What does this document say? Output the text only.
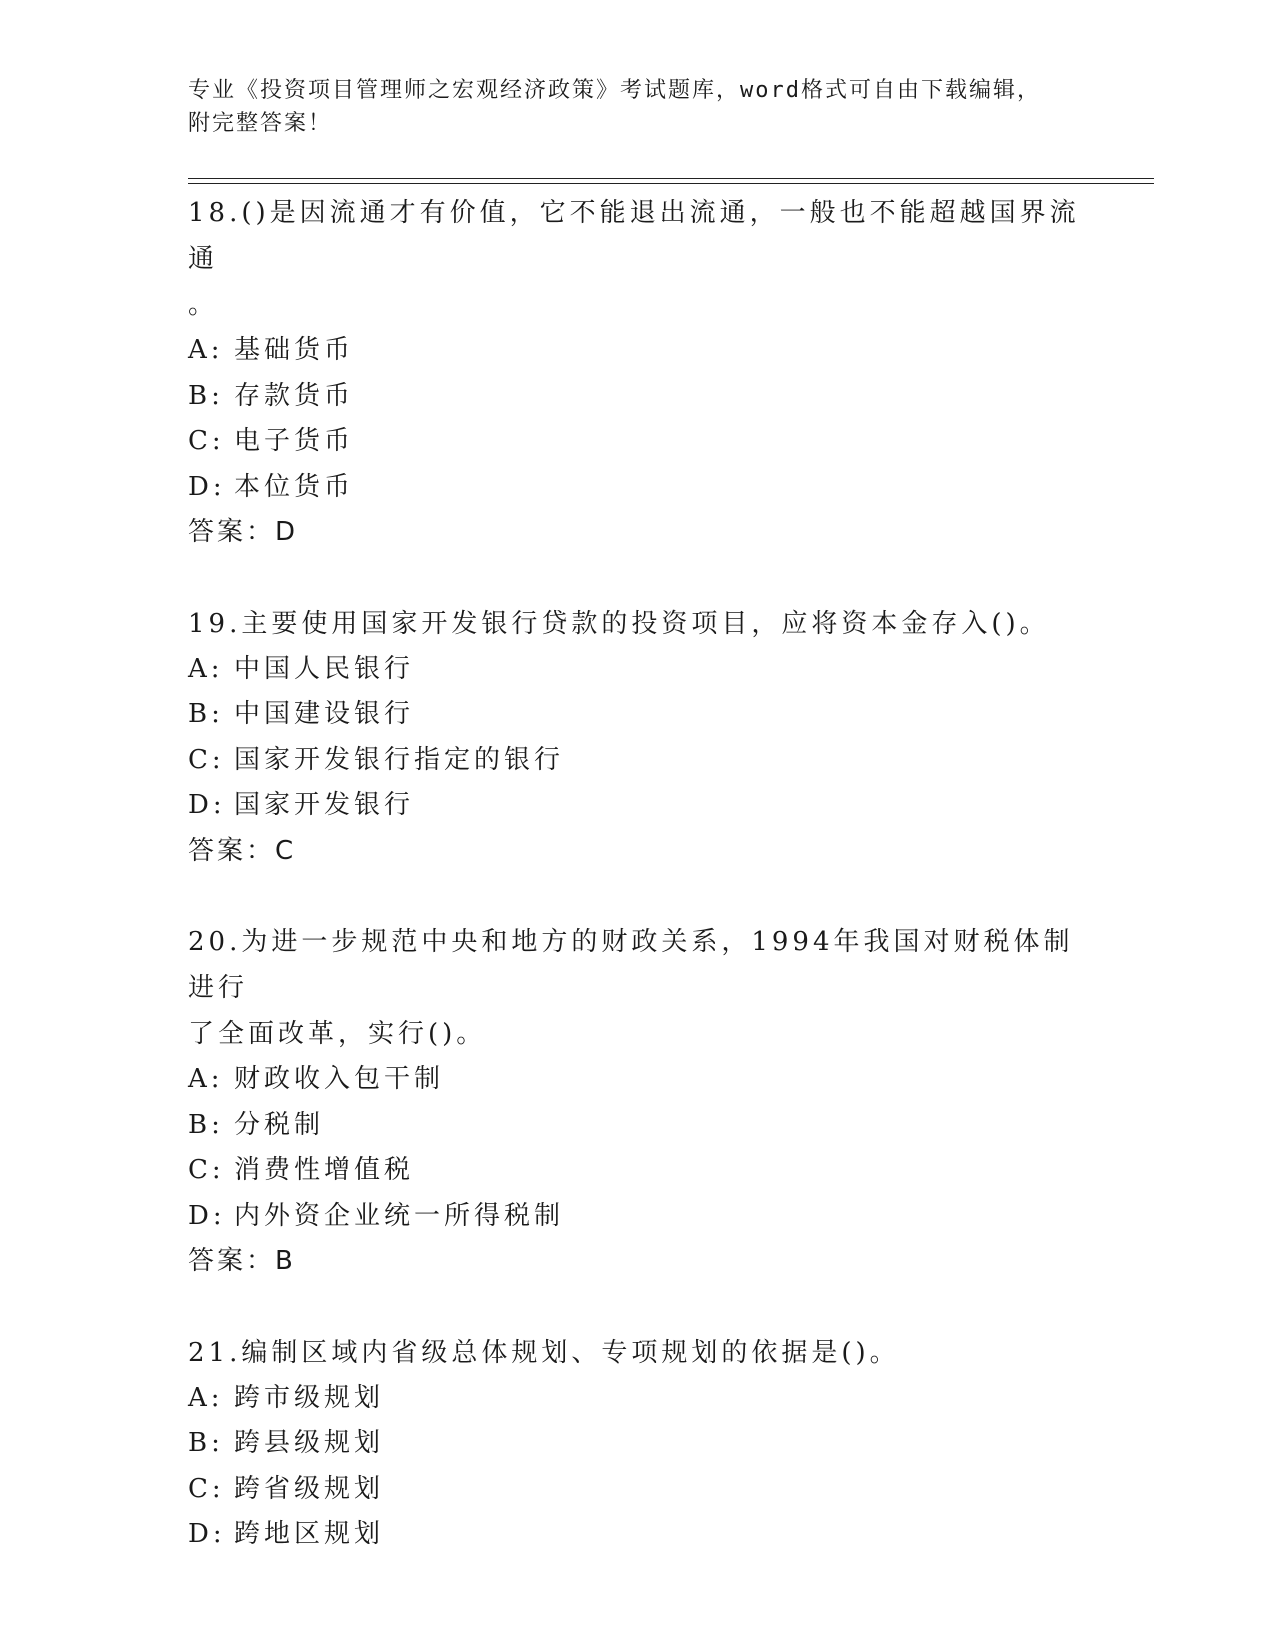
专业《投资项目管理师之宏观经济政策》考试题库，word格式可自由下载编辑，
附完整答案！

18.()是因流通才有价值，它不能退出流通，一般也不能超越国界流通

。

A: 基础货币

B: 存款货币

C: 电子货币

D: 本位货币

答案：D

19.主要使用国家开发银行贷款的投资项目，应将资本金存入()。

A: 中国人民银行

B: 中国建设银行

C: 国家开发银行指定的银行

D: 国家开发银行

答案：C

20.为进一步规范中央和地方的财政关系，1994年我国对财税体制进行

了全面改革，实行()。

A: 财政收入包干制

B: 分税制

C: 消费性增值税

D: 内外资企业统一所得税制

答案：B

21.编制区域内省级总体规划、专项规划的依据是()。

A: 跨市级规划

B: 跨县级规划

C: 跨省级规划

D: 跨地区规划
